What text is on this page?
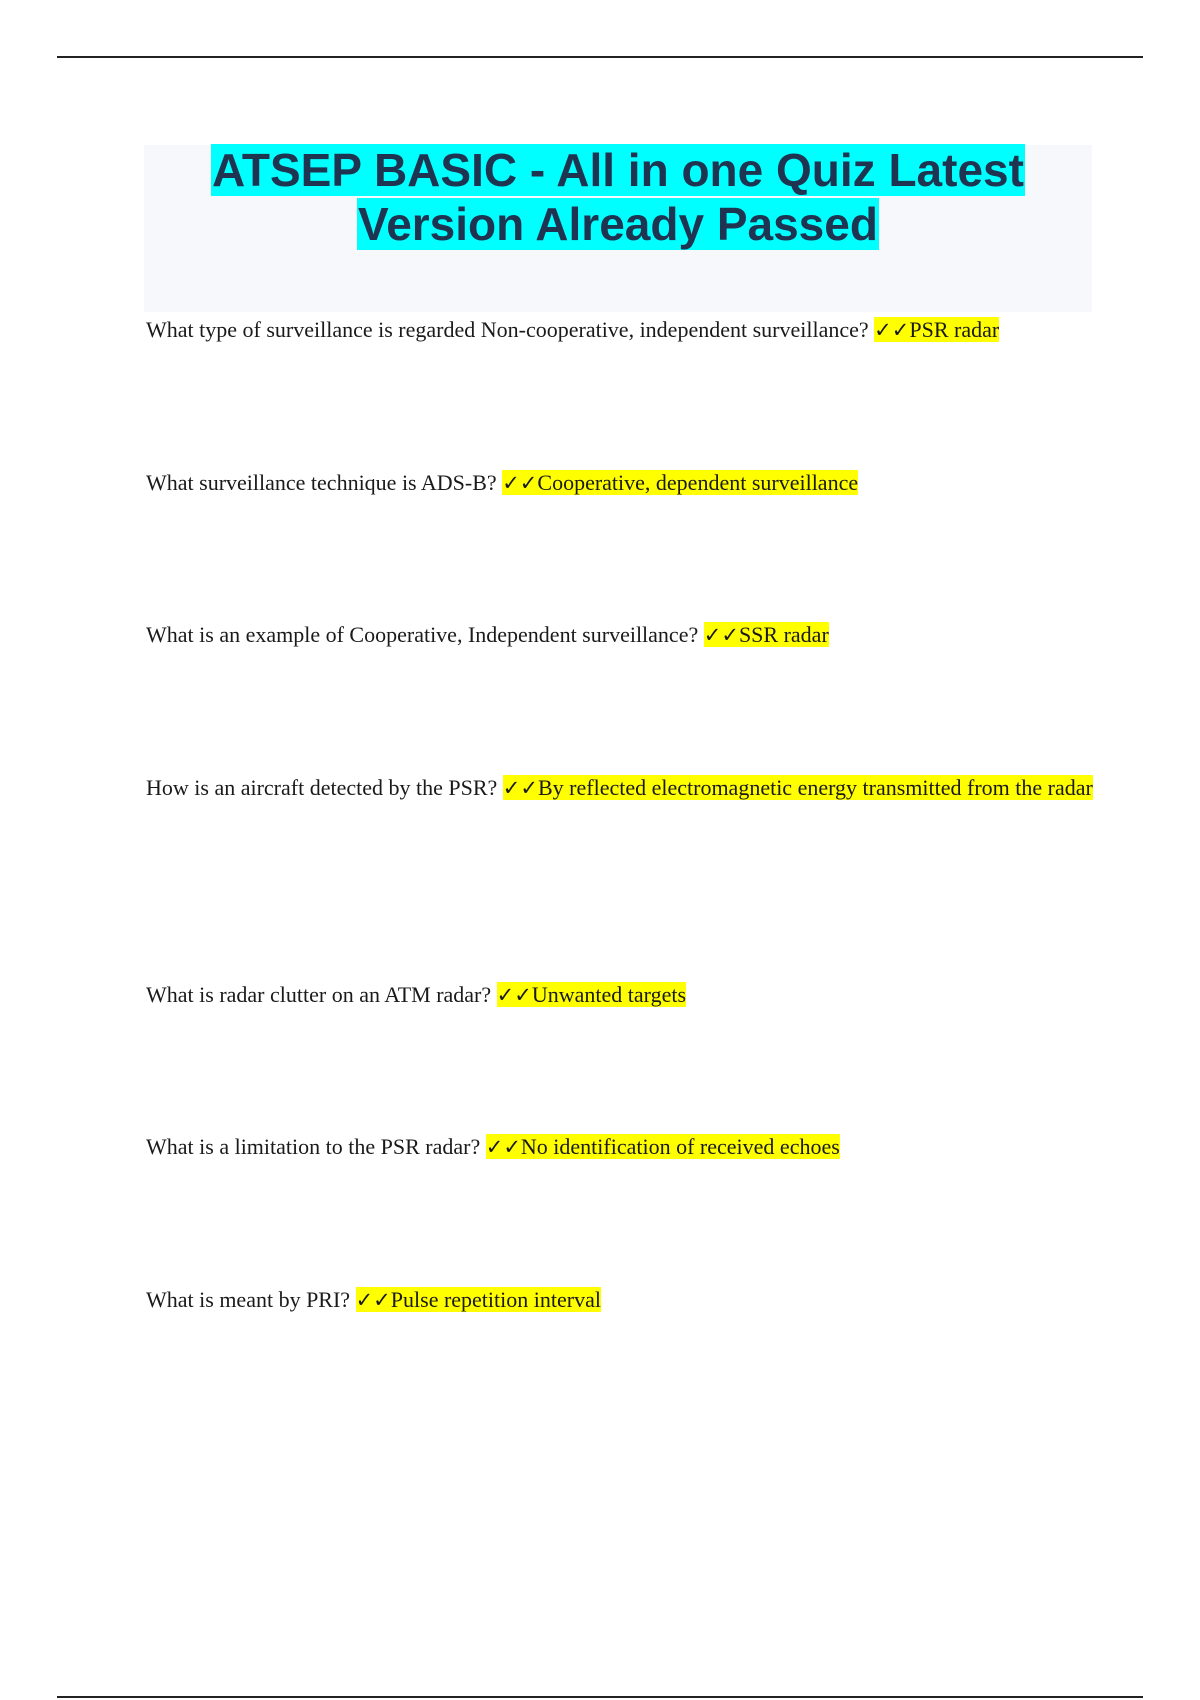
ATSEP BASIC - All in one Quiz Latest
Version Already Passed

What type of surveillance is regarded Non-cooperative, independent surveillance? ✓✓PSR radar

What surveillance technique is ADS-B? ✓✓Cooperative, dependent surveillance

What is an example of Cooperative, Independent surveillance? ✓✓SSR radar

How is an aircraft detected by the PSR? ✓✓By reflected electromagnetic energy transmitted from the radar

What is radar clutter on an ATM radar? ✓✓Unwanted targets

What is a limitation to the PSR radar? ✓✓No identification of received echoes

What is meant by PRI? ✓✓Pulse repetition interval
